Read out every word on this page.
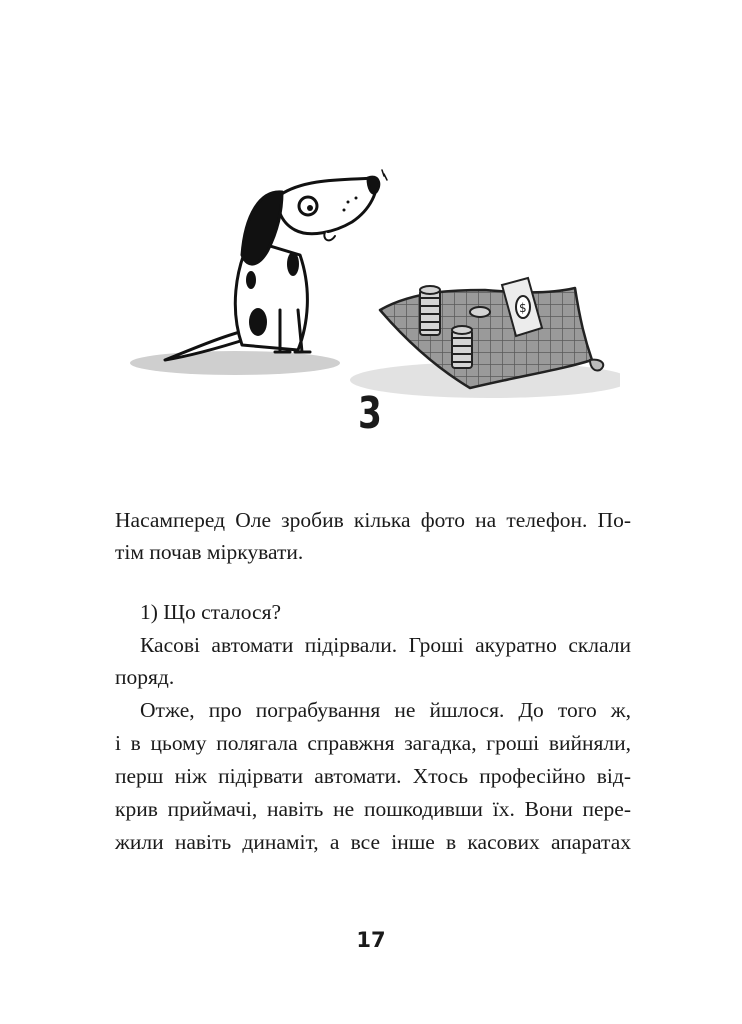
$
3

Насамперед Оле зробив кілька фото на телефон. По-

тім почав міркувати.

1) Що сталося?

Касові автомати підірвали. Гроші акуратно склали

поряд.

Отже, про пограбування не йшлося. До того ж,

і в цьому полягала справжня загадка, гроші вийняли,

перш ніж підірвати автомати. Хтось професійно від-

крив приймачі, навіть не пошкодивши їх. Вони пере-

жили навіть динаміт, а все інше в касових апаратах

17
